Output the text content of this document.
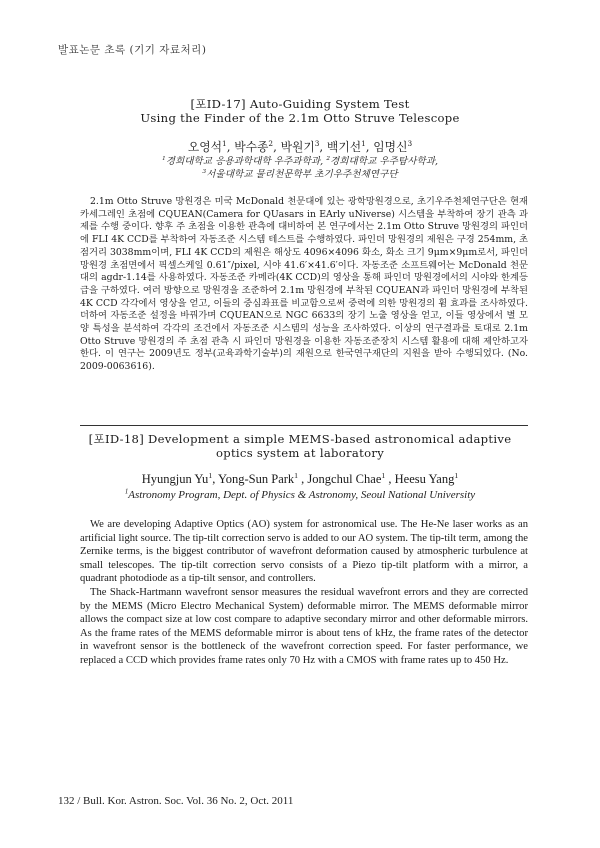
발표논문 초록 (기기 자료처리)
[포ID-17] Auto-Guiding System Test
Using the Finder of the 2.1m Otto Struve Telescope
오영석$^1$, 박수종$^2$, 박원기$^3$, 백기선$^1$, 임명신$^3$
$^1$경희대학교 응용과학대학 우주과학과, $^2$경희대학교 우주탐사학과,
$^3$서울대학교 물리천문학부 초기우주천체연구단

2.1m Otto Struve 망원경은 미국 McDonald 천문대에 있는 광학망원경으로, 초기우주천체연구단은 현재 카세그레인 초점에 CQUEAN(Camera for QUasars in EArly uNiverse) 시스템을 부착하여 장기 관측 과제를 수행 중이다. 향후 주 초점을 이용한 관측에 대비하여 본 연구에서는 2.1m Otto Struve 망원경의 파인더에 FLI 4K CCD를 부착하여 자동조준 시스템 테스트를 수행하였다. 파인더 망원경의 제원은 구경 254mm, 초점거리 3038mm이며, FLI 4K CCD의 제원은 해상도 4096×4096 화소, 화소 크기 9μm×9μm로서, 파인더 망원경 초점면에서 픽셀스케일 0.61″/pixel, 시야 41.6′×41.6′이다. 자동조준 소프트웨어는 McDonald 천문대의 agdr-1.14를 사용하였다. 자동조준 카메라(4K CCD)의 영상을 통해 파인더 망원경에서의 시야와 한계등급을 구하였다. 여러 방향으로 망원경을 조준하여 2.1m 망원경에 부착된 CQUEAN과 파인더 망원경에 부착된 4K CCD 각각에서 영상을 얻고, 이들의 중심좌표를 비교함으로써 중력에 의한 망원경의 휨 효과를 조사하였다. 더하여 자동조준 설정을 바꿔가며 CQUEAN으로 NGC 6633의 장기 노출 영상을 얻고, 이들 영상에서 별 모양 특성을 분석하여 각각의 조건에서 자동조준 시스템의 성능을 조사하였다. 이상의 연구결과를 토대로 2.1m Otto Struve 망원경의 주 초점 관측 시 파인더 망원경을 이용한 자동조준장치 시스템 활용에 대해 제안하고자 한다. 이 연구는 2009년도 정부(교육과학기술부)의 재원으로 한국연구재단의 지원을 받아 수행되었다. (No. 2009-0063616).

[포ID-18] Development a simple MEMS-based astronomical adaptive
optics system at laboratory
Hyungjun Yu$^1$, Yong-Sun Park$^1$ , Jongchul Chae$^1$ , Heesu Yang$^1$
$^1$Astronomy Program, Dept. of Physics & Astronomy, Seoul National University

We are developing Adaptive Optics (AO) system for astronomical use. The He-Ne laser works as an artificial light source. The tip-tilt correction servo is added to our AO system. The tip-tilt term, among the Zernike terms, is the biggest contributor of wavefront deformation caused by atmospheric turbulence at small telescopes. The tip-tilt correction servo consists of a Piezo tip-tilt platform with a mirror, a quadrant photodiode as a tip-tilt sensor, and controllers.

The Shack-Hartmann wavefront sensor measures the residual wavefront errors and they are corrected by the MEMS (Micro Electro Mechanical System) deformable mirror. The MEMS deformable mirror allows the compact size at low cost compare to adaptive secondary mirror and other deformable mirrors. As the frame rates of the MEMS deformable mirror is about tens of kHz, the frame rates of the detector in wavefront sensor is the bottleneck of the wavefront correction speed. For faster performance, we replaced a CCD which provides frame rates only 70 Hz with a CMOS with frame rates up to 450 Hz.

132 / Bull. Kor. Astron. Soc. Vol. 36 No. 2, Oct. 2011
